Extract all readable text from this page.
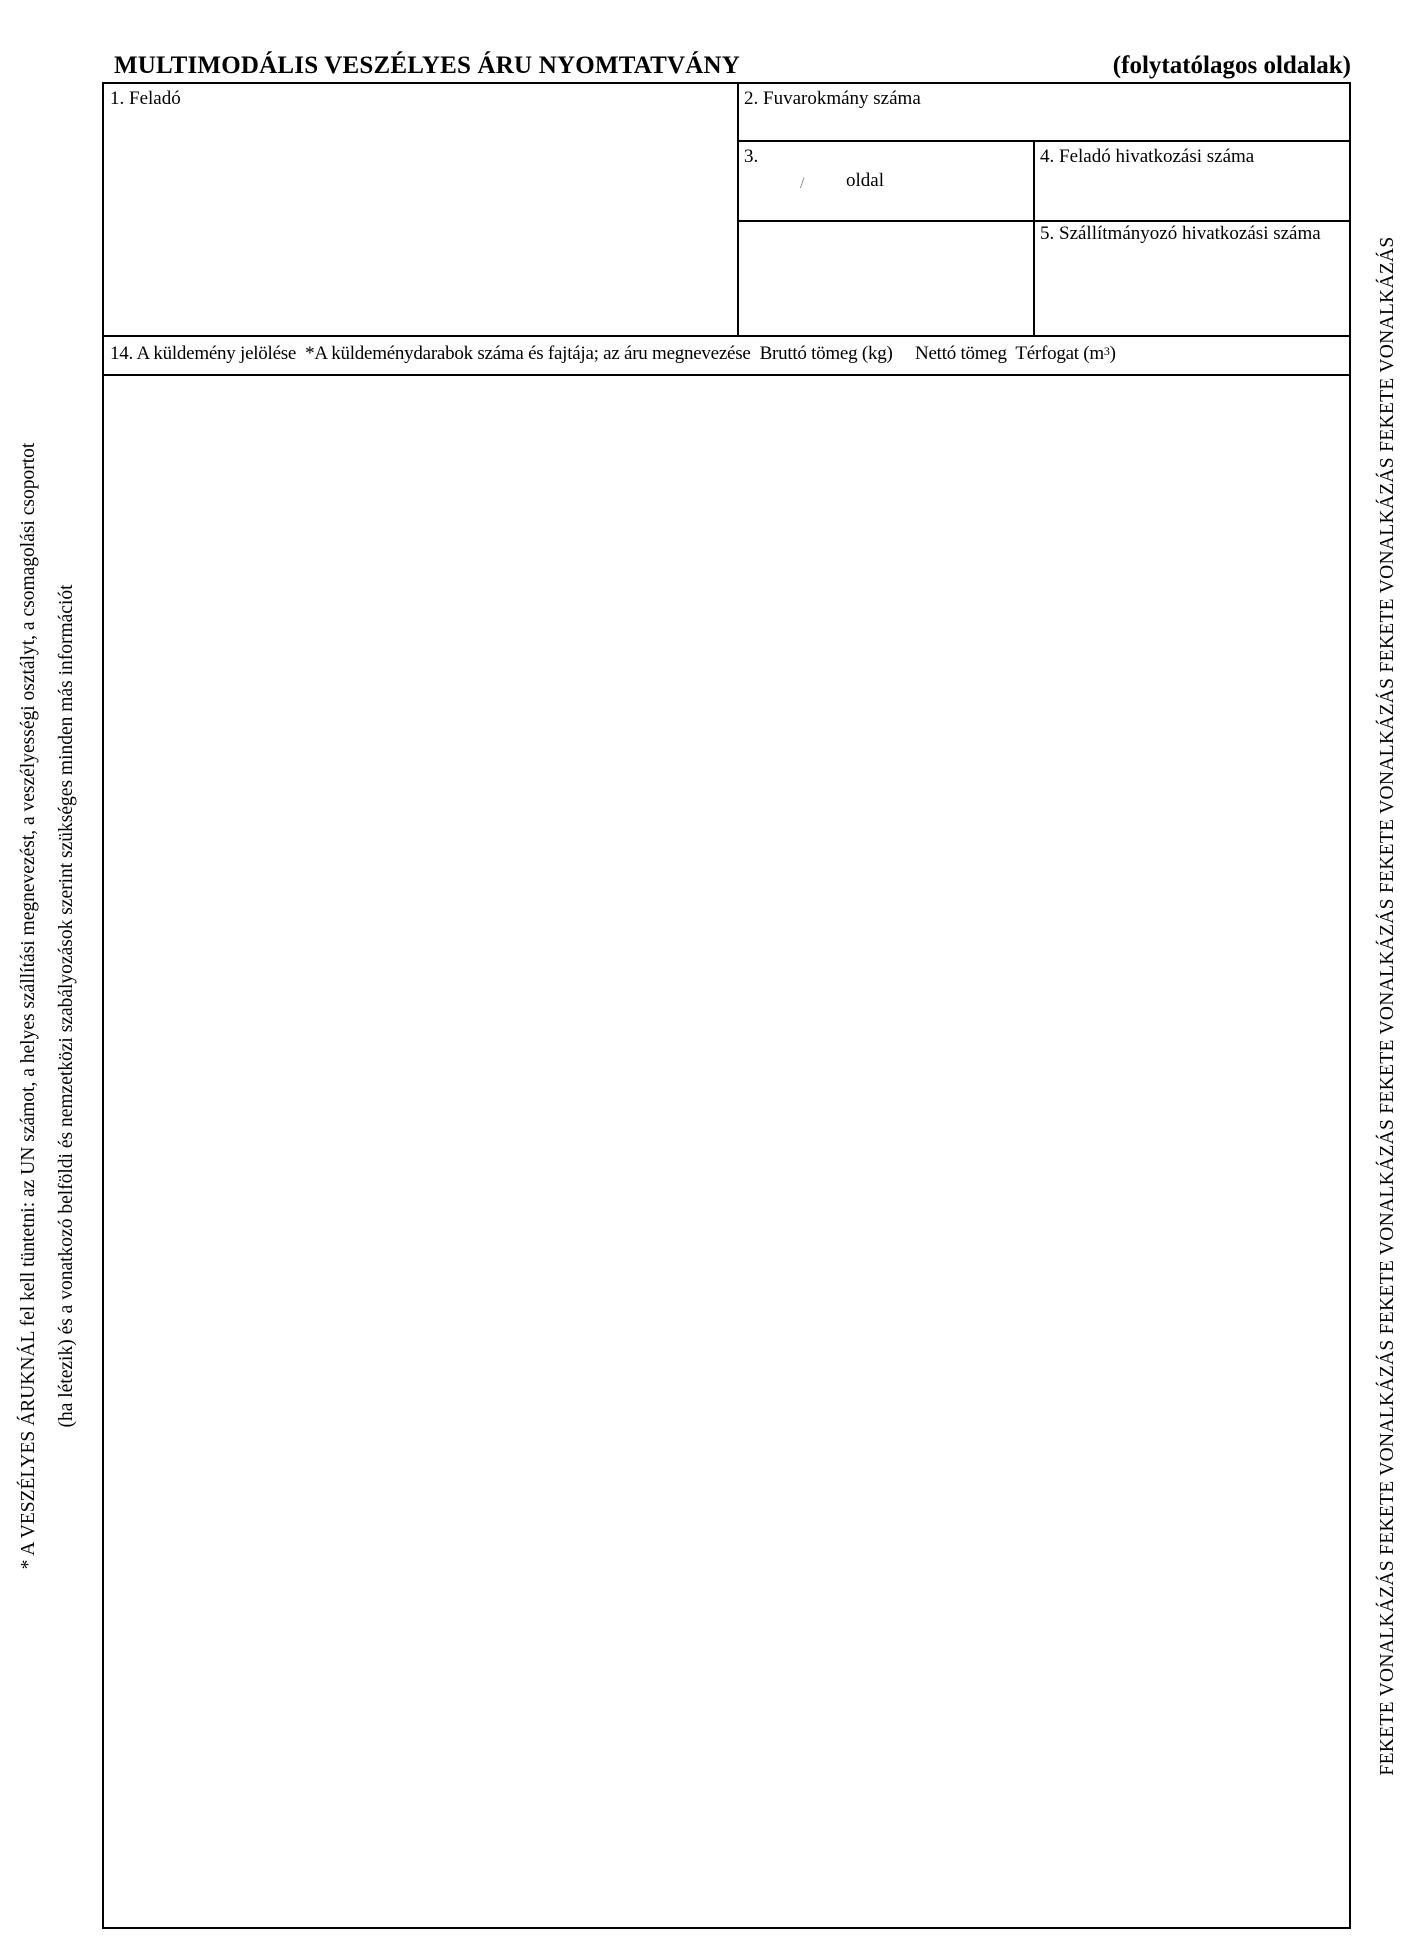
MULTIMODÁLIS VESZÉLYES ÁRU NYOMTATVÁNY	(folytatólagos oldalak)
1. Feladó	2. Fuvarokmány száma
3.
/ oldal
4. Feladó hivatkozási száma
5. Szállítmányozó hivatkozási száma
14. A küldemény jelölése *A küldeménydarabok száma és fajtája; az áru megnevezése Bruttó tömeg (kg) Nettó tömeg Térfogat $(m^3)$
* A VESZÉLYES ÁRUKNÁL fel kell tüntetni: az UN számot, a helyes szállítási megnevezést, a veszélyességi osztályt, a csomagolási csoportot (ha létezik) és a vonatkozó belföldi és nemzetközi szabályozások szerint szükséges minden más információt	FEKETE VONALKÁZÁS FEKETE VONALKÁZÁS FEKETE VONALKÁZÁS FEKETE VONALKÁZÁS FEKETE VONALKÁZÁS FEKETE VONALKÁZÁS FEKETE VONALKÁZÁS
